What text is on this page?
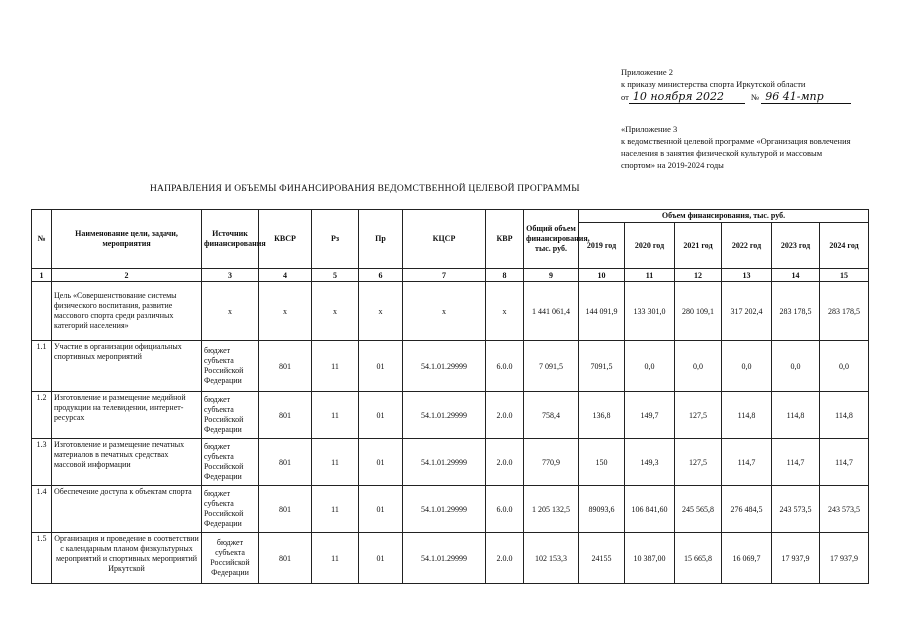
Приложение 2
к приказу министерства спорта Иркутской области
от 10 ноября 2022	№ 96 41-мпр
«Приложение 3
к ведомственной целевой программе «Организация вовлечения
населения в занятия физической культурой и массовым
спортом» на 2019-2024 годы
НАПРАВЛЕНИЯ И ОБЪЕМЫ ФИНАНСИРОВАНИЯ ВЕДОМСТВЕННОЙ ЦЕЛЕВОЙ ПРОГРАММЫ
№	Наименование цели, задачи, мероприятия	Источник финансирования	КВСР	Рз	Пр	КЦСР	КВР	Общий объем финансирования, тыс. руб.	Объем финансирования, тыс. руб.					
									2019 год	2020 год	2021 год	2022 год	2023 год	2024 год
1	2	3	4	5	6	7	8	9	10	11	12	13	14	15
	Цель «Совершенствование системы физического воспитания, развитие массового спорта среди различных категорий населения»	x	x	x	x	x	x	1 441 061,4	144 091,9	133 301,0	280 109,1	317 202,4	283 178,5	283 178,5
1.1	Участие в организации официальных спортивных мероприятий	бюджет субъекта Российской Федерации	801	11	01	54.1.01.29999	6.0.0	7 091,5	7091,5	0,0	0,0	0,0	0,0	0,0
1.2	Изготовление и размещение медийной продукции на телевидении, интернет-ресурсах	бюджет субъекта Российской Федерации	801	11	01	54.1.01.29999	2.0.0	758,4	136,8	149,7	127,5	114,8	114,8	114,8
1.3	Изготовление и размещение печатных материалов в печатных средствах массовой информации	бюджет субъекта Российской Федерации	801	11	01	54.1.01.29999	2.0.0	770,9	150	149,3	127,5	114,7	114,7	114,7
1.4	Обеспечение доступа к объектам спорта	бюджет субъекта Российской Федерации	801	11	01	54.1.01.29999	6.0.0	1 205 132,5	89093,6	106 841,60	245 565,8	276 484,5	243 573,5	243 573,5
1.5	Организация и проведение в соответствии с календарным планом физкультурных мероприятий и спортивных мероприятий Иркутской	бюджет субъекта Российской Федерации	801	11	01	54.1.01.29999	2.0.0	102 153,3	24155	10 387,00	15 665,8	16 069,7	17 937,9	17 937,9
